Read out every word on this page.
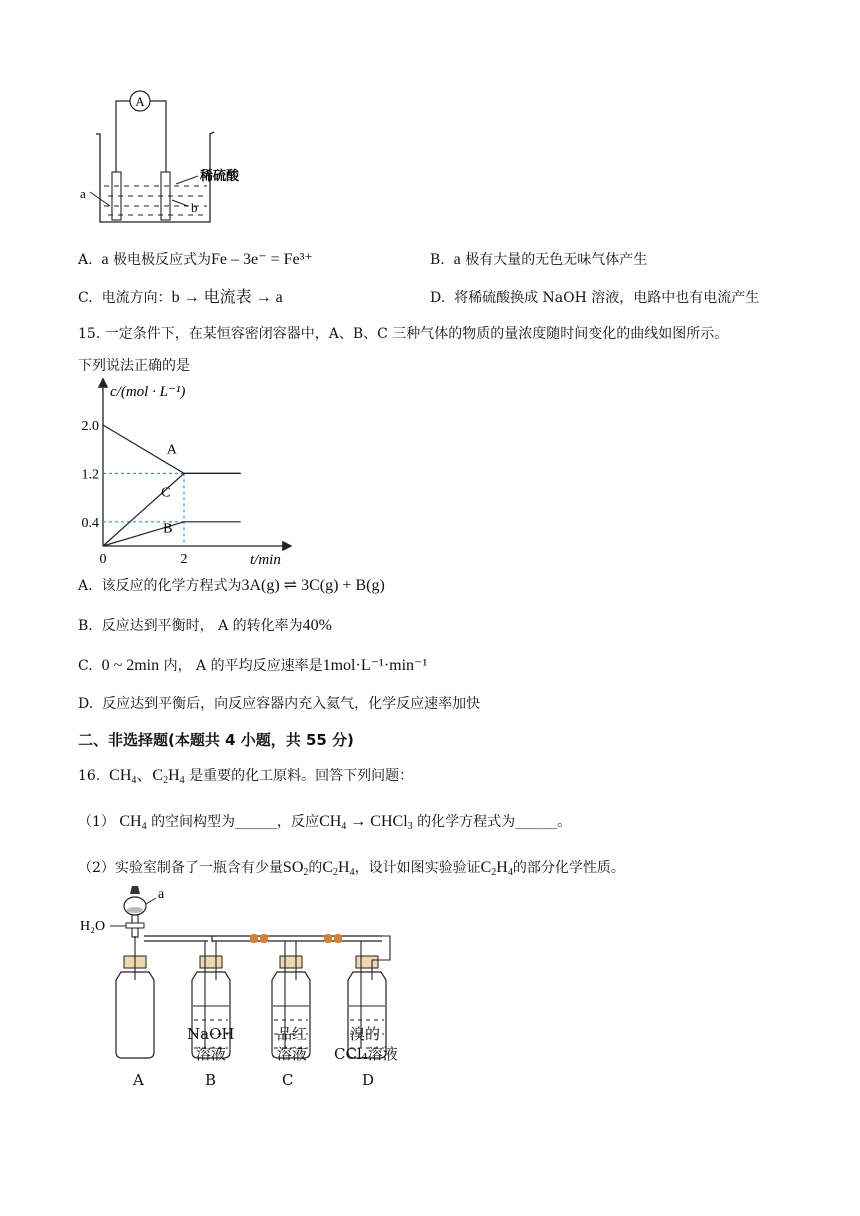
A
a
b
稀硫酸
A. a 极电极反应式为Fe – 3e⁻ = Fe³⁺	B. a 极有大量的无色无味气体产生
C. 电流方向：b → 电流表 → a	D. 将稀硫酸换成 NaOH 溶液，电路中也有电流产生
15. 一定条件下，在某恒容密闭容器中，A、B、C 三种气体的物质的量浓度随时间变化的曲线如图所示。
下列说法正确的是
c/(mol · L⁻¹)
t/min
A
C
B
0.4
1.2
2.0
0	2
A. 该反应的化学方程式为3A(g) ⇌ 3C(g) + B(g)
B. 反应达到平衡时， A 的转化率为40%
C. 0 ~ 2min 内， A 的平均反应速率是1mol·L⁻¹·min⁻¹
D. 反应达到平衡后，向反应容器内充入氦气，化学反应速率加快
二、非选择题(本题共 4 小题，共 55 分)
16. $CH_4$、$C_2H_4$ 是重要的化工原料。回答下列问题：
（1） $CH_4$ 的空间构型为______，反应$CH_4$ → CHCl$_3$ 的化学方程式为______。
（2）实验室制备了一瓶含有少量$SO_2$的$C_2H_4$，设计如图实验验证$C_2H_4$的部分化学性质。
a
H₂O
NaOH
溶液
品红
溶液
溴的
CCl₄溶液
A	B	C	D
